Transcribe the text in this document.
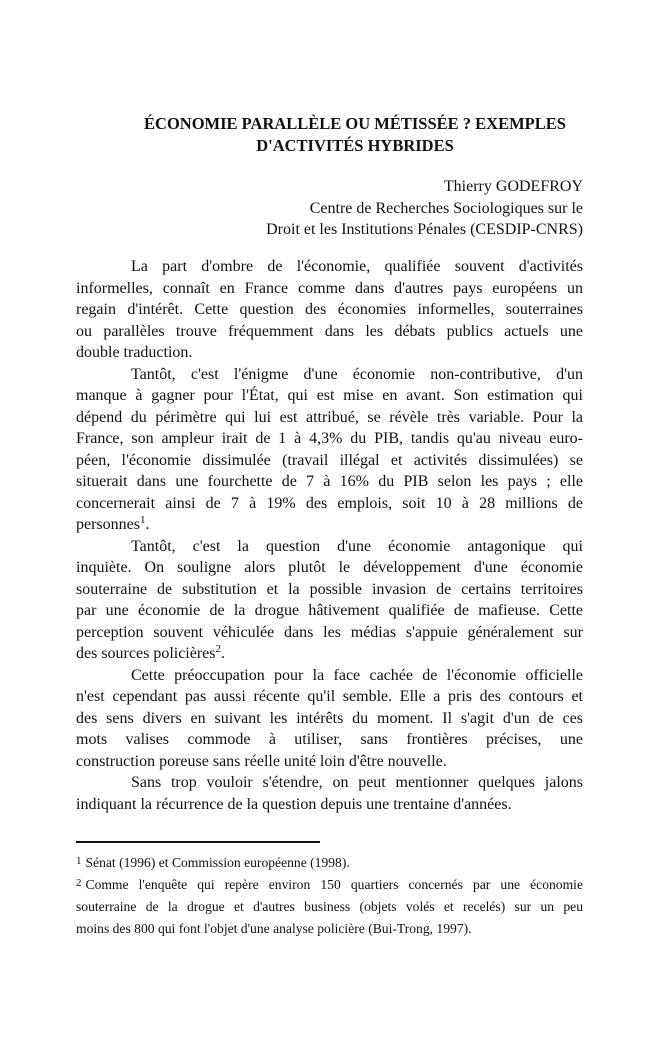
ÉCONOMIE PARALLÈLE OU MÉTISSÉE ? EXEMPLES
D'ACTIVITÉS HYBRIDES
Thierry GODEFROY
Centre de Recherches Sociologiques sur le
Droit et les Institutions Pénales (CESDIP-CNRS)
La part d'ombre de l'économie, qualifiée souvent d'activités
informelles, connaît en France comme dans d'autres pays européens un
regain d'intérêt. Cette question des économies informelles, souterraines
ou parallèles trouve fréquemment dans les débats publics actuels une
double traduction.
Tantôt, c'est l'énigme d'une économie non-contributive, d'un
manque à gagner pour l'État, qui est mise en avant. Son estimation qui
dépend du périmètre qui lui est attribué, se révèle très variable. Pour la
France, son ampleur irait de 1 à 4,3% du PIB, tandis qu'au niveau euro-
péen, l'économie dissimulée (travail illégal et activités dissimulées) se
situerait dans une fourchette de 7 à 16% du PIB selon les pays ; elle
concernerait ainsi de 7 à 19% des emplois, soit 10 à 28 millions de
personnes$^1$.
Tantôt, c'est la question d'une économie antagonique qui
inquiète. On souligne alors plutôt le développement d'une économie
souterraine de substitution et la possible invasion de certains territoires
par une économie de la drogue hâtivement qualifiée de mafieuse. Cette
perception souvent véhiculée dans les médias s'appuie généralement sur
des sources policières$^2$.
Cette préoccupation pour la face cachée de l'économie officielle
n'est cependant pas aussi récente qu'il semble. Elle a pris des contours et
des sens divers en suivant les intérêts du moment. Il s'agit d'un de ces
mots valises commode à utiliser, sans frontières précises, une
construction poreuse sans réelle unité loin d'être nouvelle.
Sans trop vouloir s'étendre, on peut mentionner quelques jalons
indiquant la récurrence de la question depuis une trentaine d'années.
$^1$ Sénat (1996) et Commission européenne (1998).
$^2$ Comme l'enquête qui repère environ 150 quartiers concernés par une économie
souterraine de la drogue et d'autres business (objets volés et recelés) sur un peu
moins des 800 qui font l'objet d'une analyse policière (Bui-Trong, 1997).
